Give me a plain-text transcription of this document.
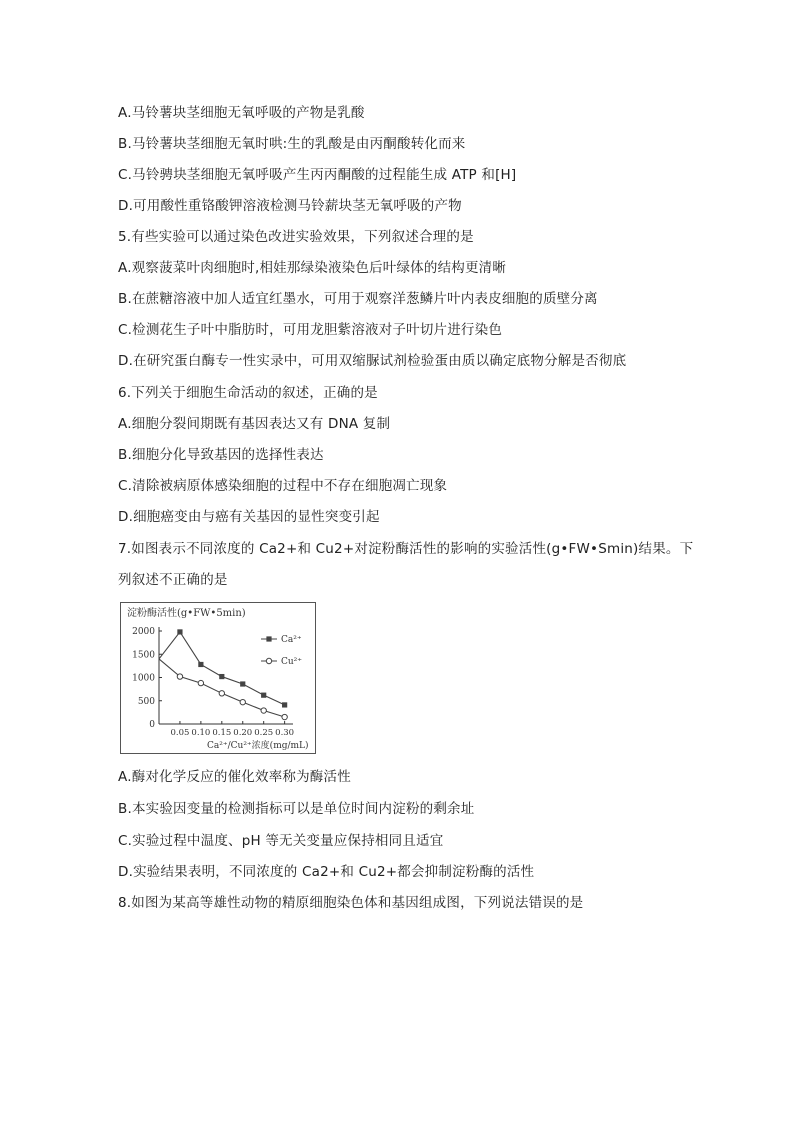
A.马铃薯块茎细胞无氧呼吸的产物是乳酸
B.马铃薯块茎细胞无氧时哄:生的乳酸是由丙酮酸转化而来
C.马铃骋块茎细胞无氧呼吸产生丙丙酮酸的过程能生成 ATP 和[H]
D.可用酸性重铬酸钾溶液检测马铃薪块茎无氧呼吸的产物
5.有些实验可以通过染色改进实验效果，下列叙述合理的是
A.观察菠菜叶肉细胞时,相娃那绿染液染色后叶绿体的结构更清晰
B.在蔗糖溶液中加人适宜红墨水，可用于观察洋葱鳞片叶内表皮细胞的质壁分离
C.检测花生子叶中脂肪时，可用龙胆紫溶液对子叶切片进行染色
D.在研究蛋白酶专一性实录中，可用双缩脲试剂检验蛋由质以确定底物分解是否彻底
6.下列关于细胞生命活动的叙述，正确的是
A.细胞分裂间期既有基因表达又有 DNA 复制
B.细胞分化导致基因的选择性表达
C.清除被病原体感染细胞的过程中不存在细胞凋亡现象
D.细胞癌变由与癌有关基因的显性突变引起
7.如图表示不同浓度的 Ca2+和 Cu2+对淀粉酶活性的影响的实验活性(g•FW•Smin)结果。下
列叙述不正确的是
淀粉酶活性(g•FW•5min)
0
500
1000
1500
2000
0.05 0.10 0.15 0.20 0.25 0.30
Ca²⁺
Cu²⁺
Ca²⁺/Cu²⁺浓度(mg/mL)
A.酶对化学反应的催化效率称为酶活性
B.本实验因变量的检测指标可以是单位时间内淀粉的剩余址
C.实验过程中温度、pH 等无关变量应保持相同且适宜
D.实验结果表明，不同浓度的 Ca2+和 Cu2+都会抑制淀粉酶的活性
8.如图为某高等雄性动物的精原细胞染色体和基因组成图，下列说法错误的是
